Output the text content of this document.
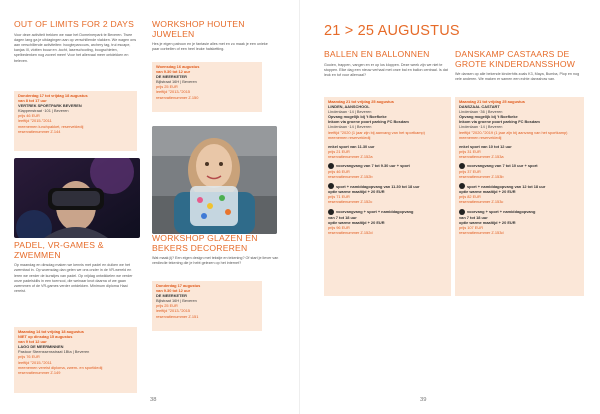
OUT OF LIMITS FOR 2 DAYS

Voor deze activiteit trekken we naar het Domeinerpark te Beveren. Twee dagen lang ga je uitdagingen aan op verschillende vlakken. We wagen ons aan verschillende activiteiten: hoogteparcours, archery tag, trui escape, kanjas III, vlotten bouw en -tocht, laserschooting, boogschieten, spelbedenken nog zoveel meer! Voor het allervaal meer ontdekken en beleven.

Donderdag 17 tot vrijdag 18 augustus
van 8 tot 17 uur
VERTREK SPORTPARK BEVEREN
Klappenstraat ·101 | Beveren
prijs 46 EUR
leeftijd °2015-°2011
meenemen lunchpakket, reservekledij
reservatienummer Z.144
PADEL, VR-GAMES & ZWEMMEN

Op maandag en dinsdag maken we kennis met padel en duiken we het zwembad in. Op woensdag dan gelen we ons onder in de VR-wereld en leren we verder de kunstjes van padel. Op vrijdag ontwikkelen we verder onze padelskills in een toernooi, die weinaar knot daarna of we gaan zwemmen of de VR-games verder ontdekken. Minimum diploma Haai vereist.

Maandag 14 tot vrijdag 18 augustus
NIET op dinsdag 15 augustus
van 9 tot 12 uur
LAGO DE MEERMINNEN
Pastoor Steenssensstraat 1Bta | Beveren
prijs 76 EUR
leeftijd °2015-°2011
meenemen vereist diploma, zwem- en sportkledij
reservatienummer Z.149
WORKSHOP HOUTEN JUWELEN

Hes je eigen patroon en je fantasie alles met en zo maak je een unieke paar oorbellen of een heel leuke halsketting.

Woensdag 16 augustus
van 9.30 tot 12 uur
DE MEERKETER
Bijlstraat 16H | Beveren
prijs 25 EUR
leeftijd °2013-°2015
reservatienummer Z.150
WORKSHOP GLAZEN EN BEKERS DECOREREN

Wat maak jij? Een eigen design met tekstje en tekening? Of start je liever van verdieclie tekening die je hebt gelezen op het internet?

Donderdag 17 augustus
van 9.30 tot 12 uur
DE MEERKETER
Bijlstraat 16H | Beveren
prijs 25 EUR
leeftijd °2013-°2015
reservatienummer Z.151
38
21 > 25 AUGUSTUS
BALLEN EN BALLONNEN

Gooien, trappen, vangen en er op los kloppen. Deze week zijn we niet te stoppen. Elke dag een nieuw verhaal met onze bal en ballon centraal. Is dat leuk en tof voor allervaal?

Maandag 21 tot vrijdag 25 augustus
LINDEN, AANSCHOOL
Lindenlaan ·14 | Beveren
Opvang mogelijk bij 't Boefkeke
Inkom via groene poort parking FC Bosdam
Lindenlaan ·14 | Beveren
leeftijd °2020 (1 jaar zijn bij aanvang van het sportkamp)
meenemen reservekledij
enkel sport van 11.30 uur
prijs 21 EUR
reservatienummer Z.152a
voorvangvang van 7 tot 9.30 uur + sport
prijs 46 EUR
reservatienummer Z.152b
sport + namiddagopvang van 11.30 tot 18 uur
optie warme maaltijd + 20 EUR
prijs 71 EUR
reservatienummer Z.152c
voorvangvang + sport + namiddagopvang
van 7 tot 18 uur
optie warme maaltijd + 20 EUR
prijs 96 EUR
reservatienummer Z.152d
DANSKAMP CASTAARS DE GROTE KINDERDANSSHOW

We dansen op alle bekende kinderhits zoals K3, Maya, Bumba, Plop en nog vele anderen. We maken er samen een echte dansshow van.

Maandag 21 tot vrijdag 25 augustus
DANSZAAL CASTART
Lindenlaan ·36 | Beveren
Opvang mogelijk bij 't Boefkeke
Inkom via groene poort parking FC Bosdam
Lindenlaan ·14 | Beveren
leeftijd °2020-°2019 (1 jaar zijn bij aanvang van het sportkamp)
meenemen reservekledij
enkel sport van 10 tot 12 uur
prijs 31 EUR
reservatienummer Z.153a
voorvangvang van 7 tot 10 uur + sport
prijs 37 EUR
reservatienummer Z.153b
sport + namiddagopvang van 12 tot 18 uur
optie warme maaltijd + 20 EUR
prijs 82 EUR
reservatienummer Z.153c
voorvang + sport + namiddagopvang
van 7 tot 18 uur
optie warme maaltijd + 20 EUR
prijs 107 EUR
reservatienummer Z.153d
39
